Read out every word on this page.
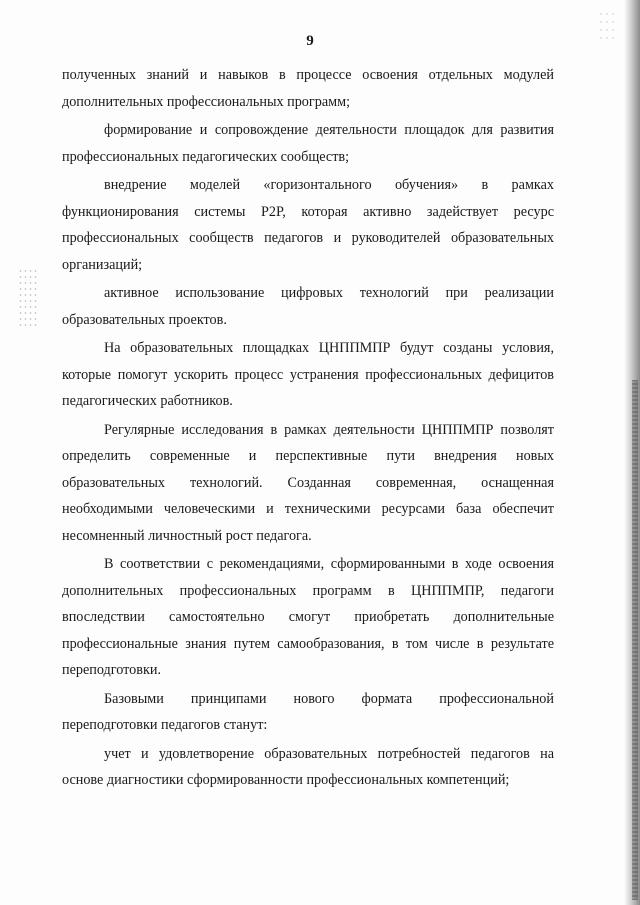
9

полученных знаний и навыков в процессе освоения отдельных модулей дополнительных профессиональных программ;

формирование и сопровождение деятельности площадок для развития профессиональных педагогических сообществ;

внедрение моделей «горизонтального обучения» в рамках функционирования системы P2P, которая активно задействует ресурс профессиональных сообществ педагогов и руководителей образовательных организаций;

активное использование цифровых технологий при реализации образовательных проектов.

На образовательных площадках ЦНППМПР будут созданы условия, которые помогут ускорить процесс устранения профессиональных дефицитов педагогических работников.

Регулярные исследования в рамках деятельности ЦНППМПР позволят определить современные и перспективные пути внедрения новых образовательных технологий. Созданная современная, оснащенная необходимыми человеческими и техническими ресурсами база обеспечит несомненный личностный рост педагога.

В соответствии с рекомендациями, сформированными в ходе освоения дополнительных профессиональных программ в ЦНППМПР, педагоги впоследствии самостоятельно смогут приобретать дополнительные профессиональные знания путем самообразования, в том числе в результате переподготовки.

Базовыми принципами нового формата профессиональной переподготовки педагогов станут:

учет и удовлетворение образовательных потребностей педагогов на основе диагностики сформированности профессиональных компетенций;
